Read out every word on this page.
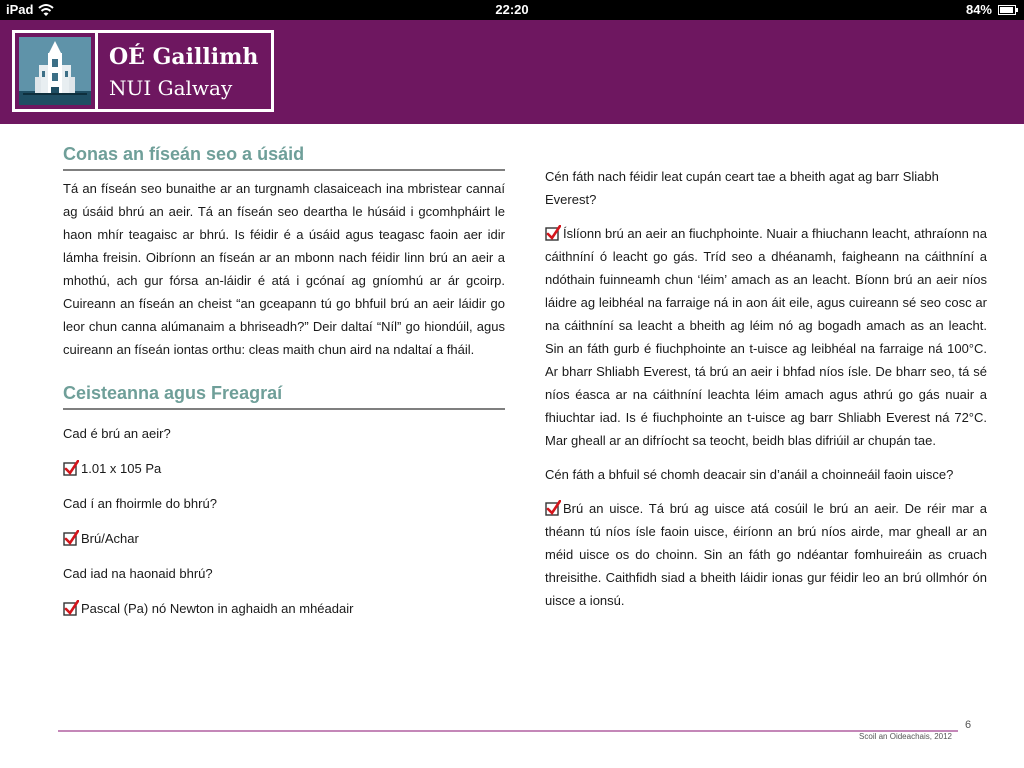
iPad	22:20	84%
OÉ Gaillimh
NUI Galway
Conas an físeán seo a úsáid

Tá an físeán seo bunaithe ar an turgnamh clasaiceach ina mbristear cannaí ag úsáid bhrú an aeir. Tá an físeán seo deartha le húsáid i gcomhpháirt le haon mhír teagaisc ar bhrú. Is féidir é a úsáid agus teagasc faoin aer idir lámha freisin. Oibríonn an físeán ar an mbonn nach féidir linn brú an aeir a mhothú, ach gur fórsa an-láidir é atá i gcónaí ag gníomhú ar ár gcoirp. Cuireann an físeán an cheist “an gceapann tú go bhfuil brú an aeir láidir go leor chun canna alúmanaim a bhriseadh?” Deir daltaí “Níl” go hiondúil, agus cuireann an físeán iontas orthu: cleas maith chun aird na ndaltaí a fháil.

Ceisteanna agus Freagraí

Cad é brú an aeir?

1.01 x 105 Pa

Cad í an fhoirmle do bhrú?

Brú/Achar

Cad iad na haonaid bhrú?

Pascal (Pa) nó Newton in aghaidh an mhéadair

Cén fáth nach féidir leat cupán ceart tae a bheith agat ag barr Sliabh Everest?

Íslíonn brú an aeir an fiuchphointe. Nuair a fhiuchann leacht, athraíonn na cáithníní ó leacht go gás. Tríd seo a dhéanamh, faigheann na cáithníní a ndóthain fuinneamh chun ‘léim’ amach as an leacht. Bíonn brú an aeir níos láidre ag leibhéal na farraige ná in aon áit eile, agus cuireann sé seo cosc ar na cáithníní sa leacht a bheith ag léim nó ag bogadh amach as an leacht. Sin an fáth gurb é fiuchphointe an t-uisce ag leibhéal na farraige ná 100°C. Ar bharr Shliabh Everest, tá brú an aeir i bhfad níos ísle. De bharr seo, tá sé níos éasca ar na cáithníní leachta léim amach agus athrú go gás nuair a fhiuchtar iad. Is é fiuchphointe an t-uisce ag barr Shliabh Everest ná 72°C. Mar gheall ar an difríocht sa teocht, beidh blas difriúil ar chupán tae.

Cén fáth a bhfuil sé chomh deacair sin d’anáil a choinneáil faoin uisce?

Brú an uisce. Tá brú ag uisce atá cosúil le brú an aeir. De réir mar a théann tú níos ísle faoin uisce, éiríonn an brú níos airde, mar gheall ar an méid uisce os do choinn. Sin an fáth go ndéantar fomhuireáin as cruach threisithe. Caithfidh siad a bheith láidir ionas gur féidir leo an brú ollmhór ón uisce a ionsú.

Scoil an Oideachais, 2012
6
